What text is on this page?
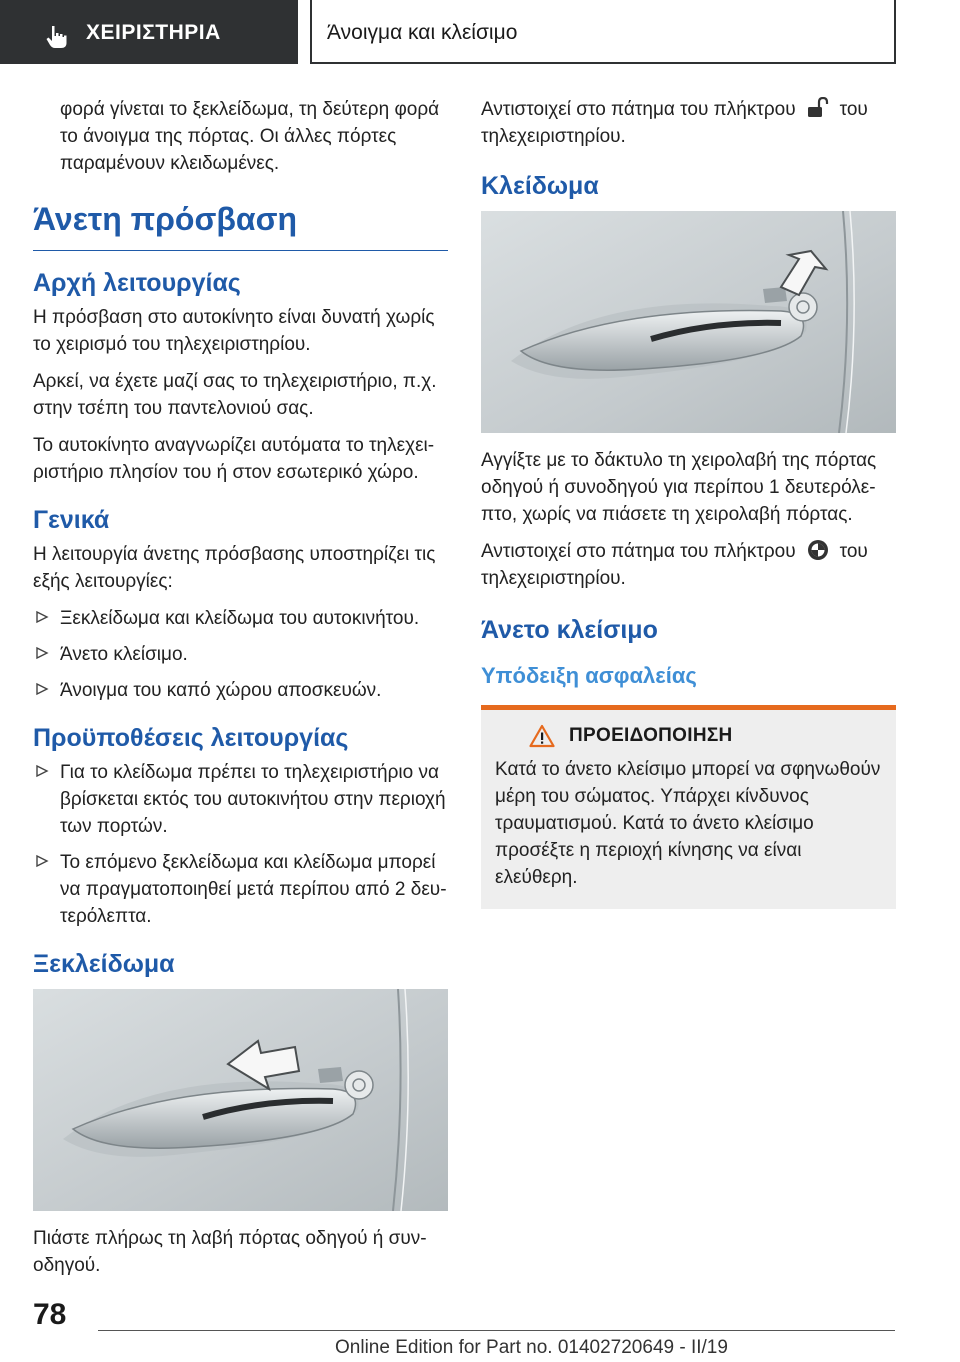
ΧΕΙΡΙΣΤΗΡΙΑ	Άνοιγμα και κλείσιμο

φορά γίνεται το ξεκλείδωμα, τη δεύτερη φορά το άνοιγμα της πόρτας. Οι άλλες πόρτες παραμένουν κλειδωμένες.

Άνετη πρόσβαση
Αρχή λειτουργίας

Η πρόσβαση στο αυτοκίνητο είναι δυνατή χωρίς το χειρισμό του τηλεχειριστηρίου.

Αρκεί, να έχετε μαζί σας το τηλεχειριστήριο, π.χ. στην τσέπη του παντελονιού σας.

Το αυτοκίνητο αναγνωρίζει αυτόματα το τηλεχειριστήριο πλησίον του ή στον εσωτερικό χώρο.

Γενικά

Η λειτουργία άνετης πρόσβασης υποστηρίζει τις εξής λειτουργίες:

Ξεκλείδωμα και κλείδωμα του αυτοκινήτου.
Άνετο κλείσιμο.
Άνοιγμα του καπό χώρου αποσκευών.
Προϋποθέσεις λειτουργίας
Για το κλείδωμα πρέπει το τηλεχειριστήριο να βρίσκεται εκτός του αυτοκινήτου στην περιοχή των πορτών.
Το επόμενο ξεκλείδωμα και κλείδωμα μπορεί να πραγματοποιηθεί μετά περίπου από 2 δευτερόλεπτα.
Ξεκλείδωμα

Πιάστε πλήρως τη λαβή πόρτας οδηγού ή συνοδηγού.

Αντιστοιχεί στο πάτημα του πλήκτρου του τηλεχειριστηρίου.

Κλείδωμα

Αγγίξτε με το δάκτυλο τη χειρολαβή της πόρτας οδηγού ή συνοδηγού για περίπου 1 δευτερόλεπτο, χωρίς να πιάσετε τη χειρολαβή πόρτας.

Αντιστοιχεί στο πάτημα του πλήκτρου του τηλεχειριστηρίου.

Άνετο κλείσιμο
Υπόδειξη ασφαλείας
ΠΡΟΕΙΔΟΠΟΙΗΣΗ

Κατά το άνετο κλείσιμο μπορεί να σφηνωθούν μέρη του σώματος. Υπάρχει κίνδυνος τραυματισμού. Κατά το άνετο κλείσιμο προσέξτε η περιοχή κίνησης να είναι ελεύθερη.

78
Online Edition for Part no. 01402720649 - II/19
